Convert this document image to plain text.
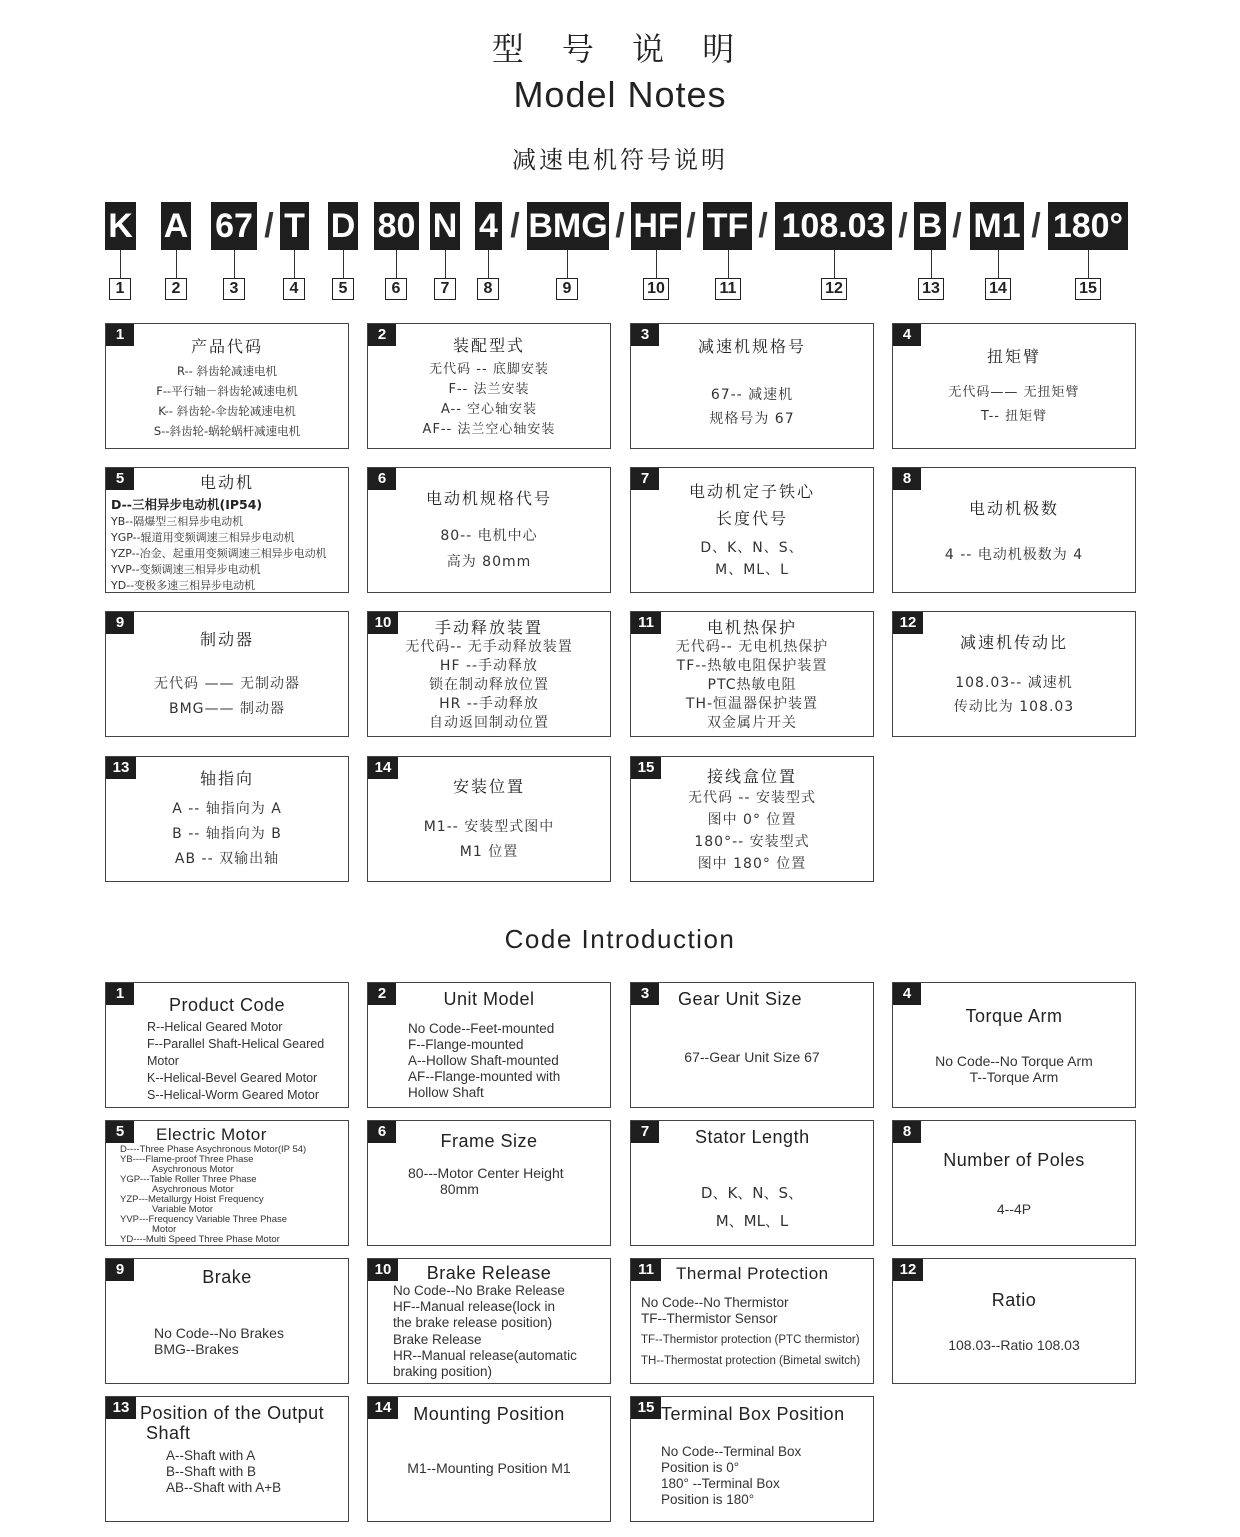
型 号 说 明
Model Notes
减速电机符号说明
K A 67 / T D 80 N 4 / BMG / HF / TF / 108.03 / B / M1 / 180°
1	2	3	4	5	6	7	8	9	10	11	12	13	14	15
1
产品代码
R-- 斜齿轮减速电机
F--平行轴－斜齿轮减速电机
K-- 斜齿轮-伞齿轮减速电机
S--斜齿轮-蜗轮蜗杆减速电机
2
装配型式
无代码 -- 底脚安装
F-- 法兰安装
A-- 空心轴安装
AF-- 法兰空心轴安装
3
减速机规格号
67-- 减速机
规格号为 67
4
扭矩臂
无代码—— 无扭矩臂
T-- 扭矩臂
5	电动机
D--三相异步电动机(IP54)
YB--隔爆型三相异步电动机
YGP--辊道用变频调速三相异步电动机
YZP--冶金、起重用变频调速三相异步电动机
YVP--变频调速三相异步电动机
YD--变极多速三相异步电动机
6
电动机规格代号
80-- 电机中心
高为 80mm
7
电动机定子铁心
长度代号
D、K、N、S、
M、ML、L
8
电动机极数
4 -- 电动机极数为 4
9
制动器
无代码 —— 无制动器
BMG—— 制动器
10	手动释放装置
无代码-- 无手动释放装置
HF --手动释放
锁在制动释放位置
HR --手动释放
自动返回制动位置
11	电机热保护
无代码-- 无电机热保护
TF--热敏电阻保护装置
PTC热敏电阻
TH-恒温器保护装置
双金属片开关
12
减速机传动比
108.03-- 减速机
传动比为 108.03
13
轴指向
A -- 轴指向为 A
B -- 轴指向为 B
AB -- 双输出轴
14
安装位置
M1-- 安装型式图中
M1 位置
15	接线盒位置
无代码 -- 安装型式
图中 0° 位置
180°-- 安装型式
图中 180° 位置
Code Introduction
1
Product Code
R--Helical Geared Motor
F--Parallel Shaft-Helical Geared
Motor
K--Helical-Bevel Geared Motor
S--Helical-Worm Geared Motor
2	Unit Model
No Code--Feet-mounted
F--Flange-mounted
A--Hollow Shaft-mounted
AF--Flange-mounted with
Hollow Shaft
3	Gear Unit Size
67--Gear Unit Size 67
4
Torque Arm
No Code--No Torque Arm
T--Torque Arm
5	Electric Motor
D----Three Phase Asychronous Motor(IP 54)
YB----Flame-proof Three Phase
Asychronous Motor
YGP---Table Roller Three Phase
Asychronous Motor
YZP---Metallurgy Hoist Frequency
Variable Motor
YVP---Frequency Variable Three Phase
Motor
YD----Multi Speed Three Phase Motor
6	Frame Size
80---Motor Center Height
80mm
7	Stator Length
D、K、N、S、
M、ML、L
8
Number of Poles
4--4P
9	Brake
No Code--No Brakes
BMG--Brakes
10	Brake Release
No Code--No Brake Release
HF--Manual release(lock in
the brake release position)
Brake Release
HR--Manual release(automatic
braking position)
11	Thermal Protection
No Code--No Thermistor
TF--Thermistor Sensor
TF--Thermistor protection (PTC thermistor)
TH--Thermostat protection (Bimetal switch)
12
Ratio
108.03--Ratio 108.03
13 Position of the Output
Shaft
A--Shaft with A
B--Shaft with B
AB--Shaft with A+B
14	Mounting Position
M1--Mounting Position M1
15 Terminal Box Position
No Code--Terminal Box
Position is 0°
180° --Terminal Box
Position is 180°
